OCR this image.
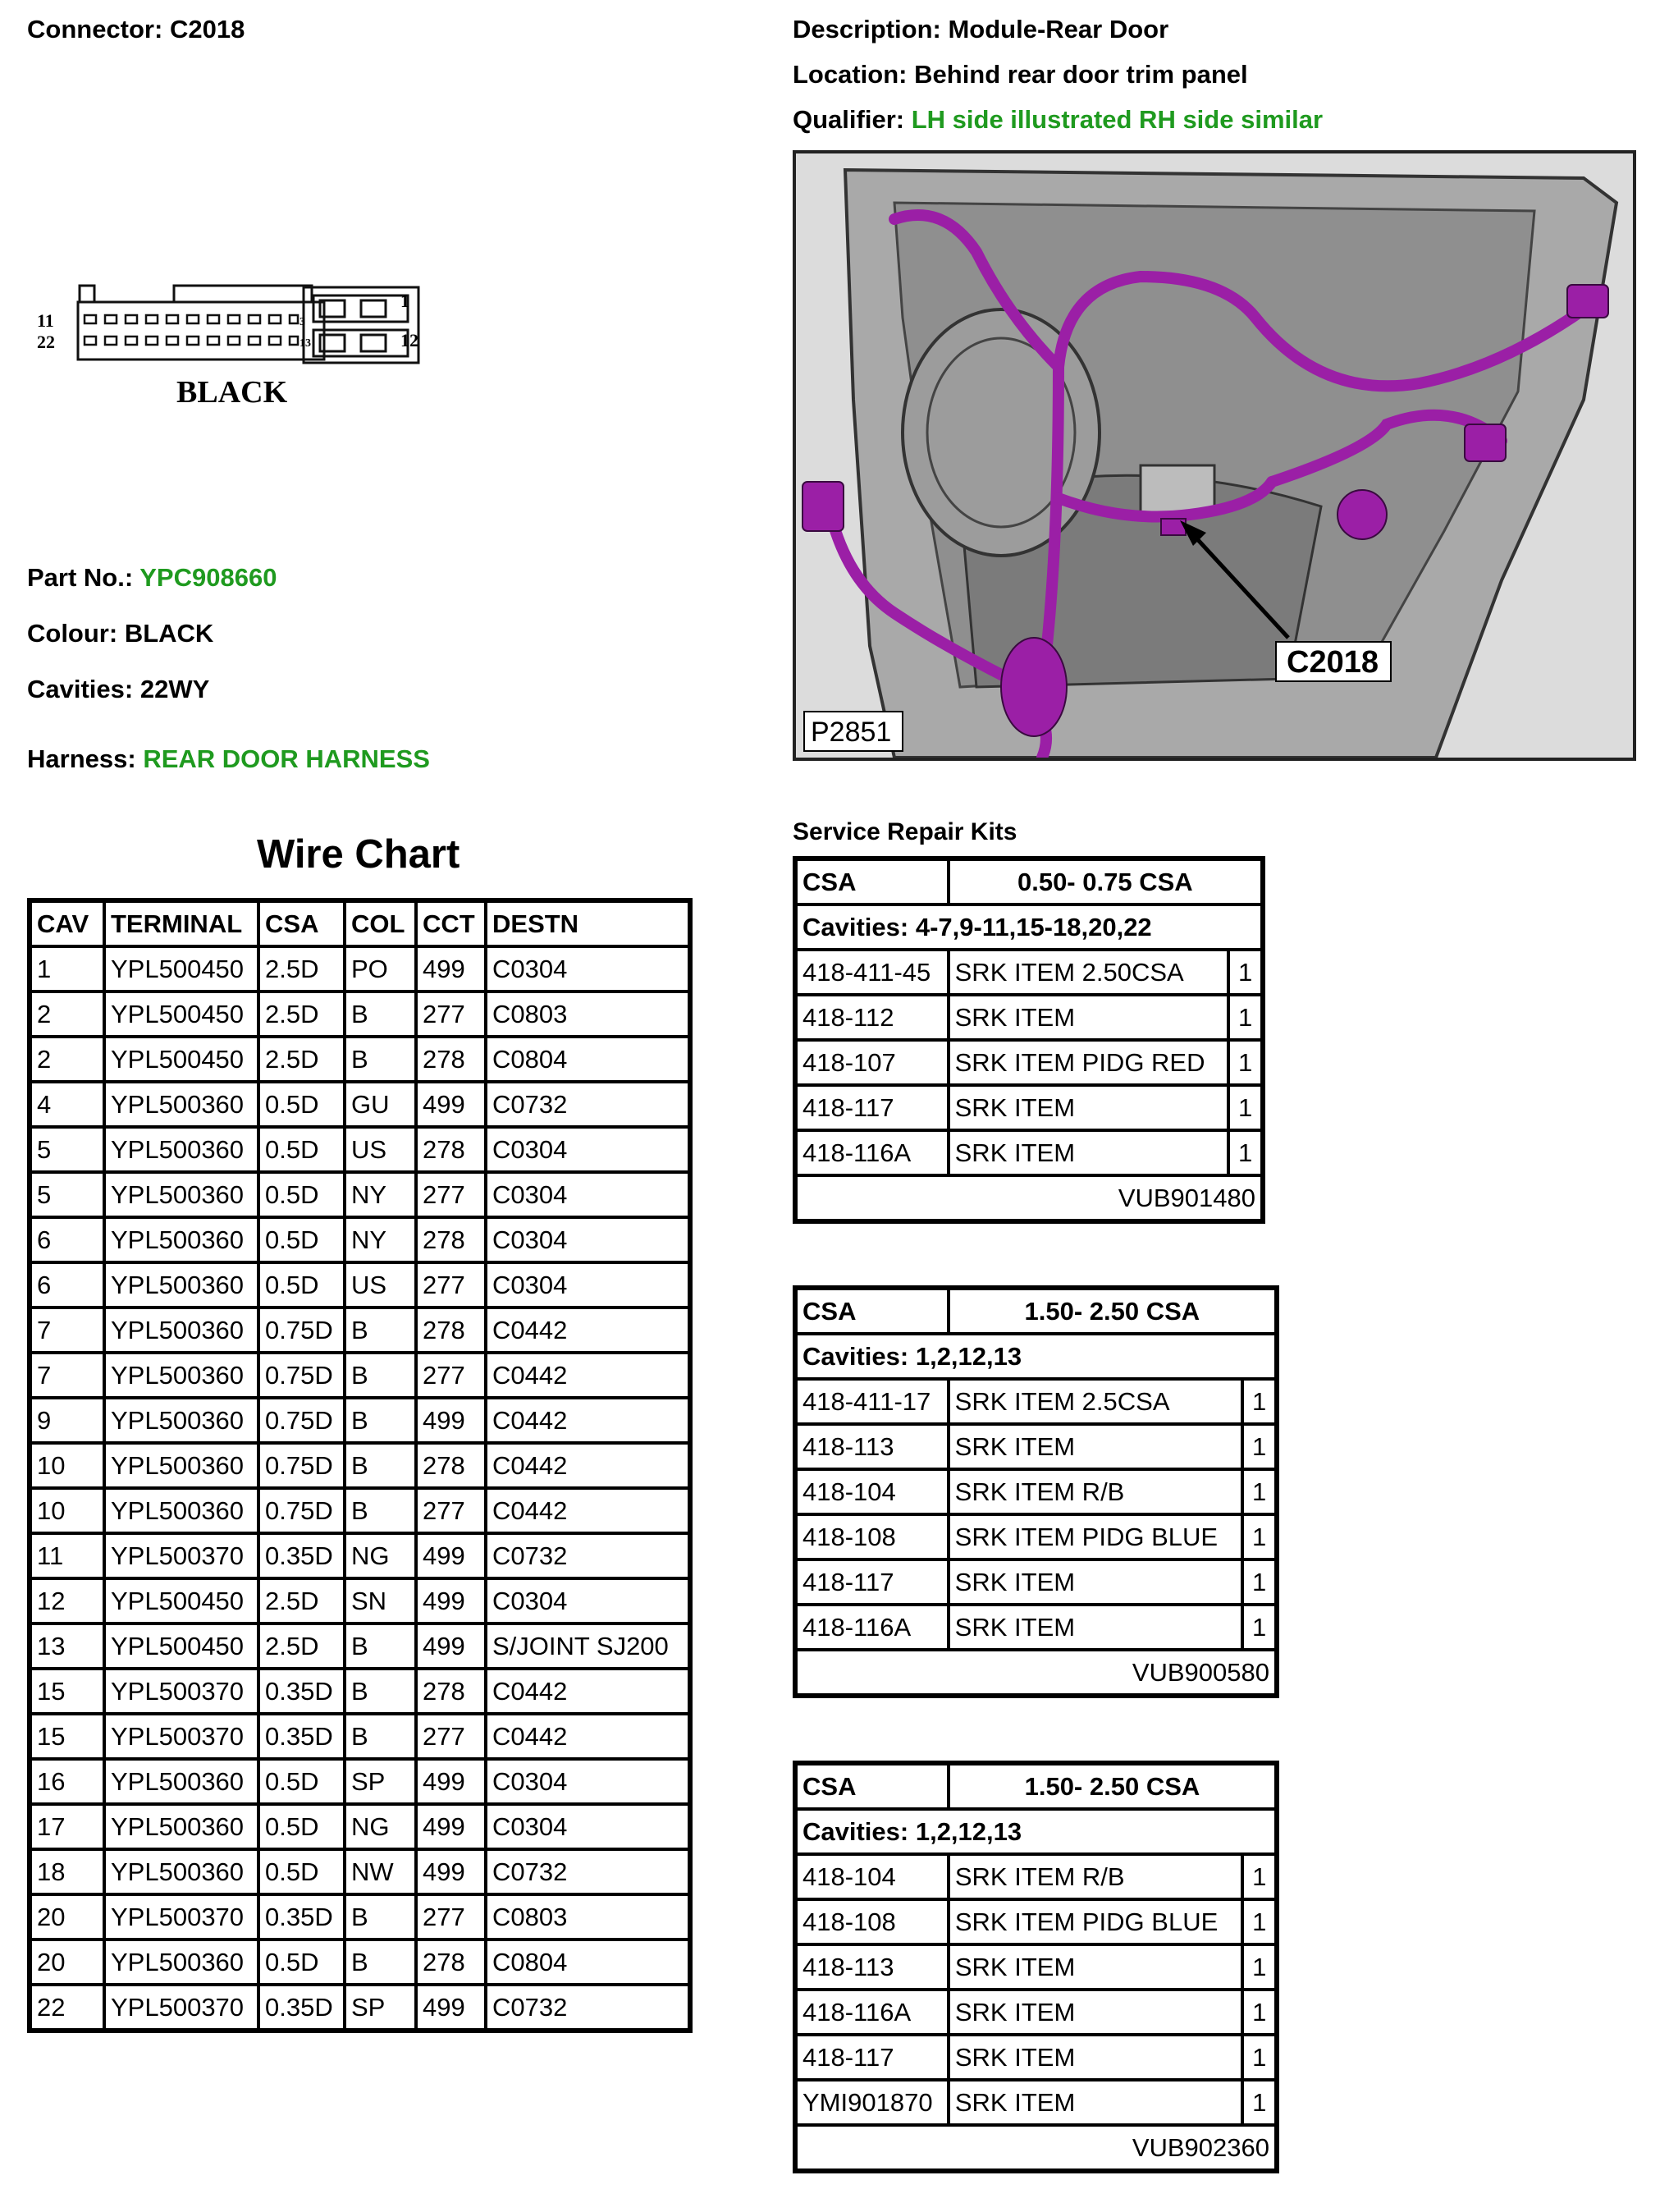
Connector: C2018	Description: Module-Rear Door
Location: Behind rear door trim panel
Qualifier: LH side illustrated RH side similar
11
22
1
12
3
13
BLACK
Part No.: YPC908660
Colour: BLACK
Cavities: 22WY
Harness: REAR DOOR HARNESS
C2018
P2851
Wire Chart
CAV	TERMINAL	CSA	COL	CCT	DESTN
1	YPL500450	2.5D	PO	499	C0304
2	YPL500450	2.5D	B	277	C0803
2	YPL500450	2.5D	B	278	C0804
4	YPL500360	0.5D	GU	499	C0732
5	YPL500360	0.5D	US	278	C0304
5	YPL500360	0.5D	NY	277	C0304
6	YPL500360	0.5D	NY	278	C0304
6	YPL500360	0.5D	US	277	C0304
7	YPL500360	0.75D	B	278	C0442
7	YPL500360	0.75D	B	277	C0442
9	YPL500360	0.75D	B	499	C0442
10	YPL500360	0.75D	B	278	C0442
10	YPL500360	0.75D	B	277	C0442
11	YPL500370	0.35D	NG	499	C0732
12	YPL500450	2.5D	SN	499	C0304
13	YPL500450	2.5D	B	499	S/JOINT SJ200
15	YPL500370	0.35D	B	278	C0442
15	YPL500370	0.35D	B	277	C0442
16	YPL500360	0.5D	SP	499	C0304
17	YPL500360	0.5D	NG	499	C0304
18	YPL500360	0.5D	NW	499	C0732
20	YPL500370	0.35D	B	277	C0803
20	YPL500360	0.5D	B	278	C0804
22	YPL500370	0.35D	SP	499	C0732
Service Repair Kits
CSA	0.50- 0.75 CSA	
Cavities: 4-7,9-11,15-18,20,22		
418-411-45	SRK ITEM 2.50CSA	1
418-112	SRK ITEM	1
418-107	SRK ITEM PIDG RED	1
418-117	SRK ITEM	1
418-116A	SRK ITEM	1
VUB901480		
CSA	1.50- 2.50 CSA	
Cavities: 1,2,12,13		
418-411-17	SRK ITEM 2.5CSA	1
418-113	SRK ITEM	1
418-104	SRK ITEM R/B	1
418-108	SRK ITEM PIDG BLUE	1
418-117	SRK ITEM	1
418-116A	SRK ITEM	1
VUB900580		
CSA	1.50- 2.50 CSA	
Cavities: 1,2,12,13		
418-104	SRK ITEM R/B	1
418-108	SRK ITEM PIDG BLUE	1
418-113	SRK ITEM	1
418-116A	SRK ITEM	1
418-117	SRK ITEM	1
YMI901870	SRK ITEM	1
VUB902360		
